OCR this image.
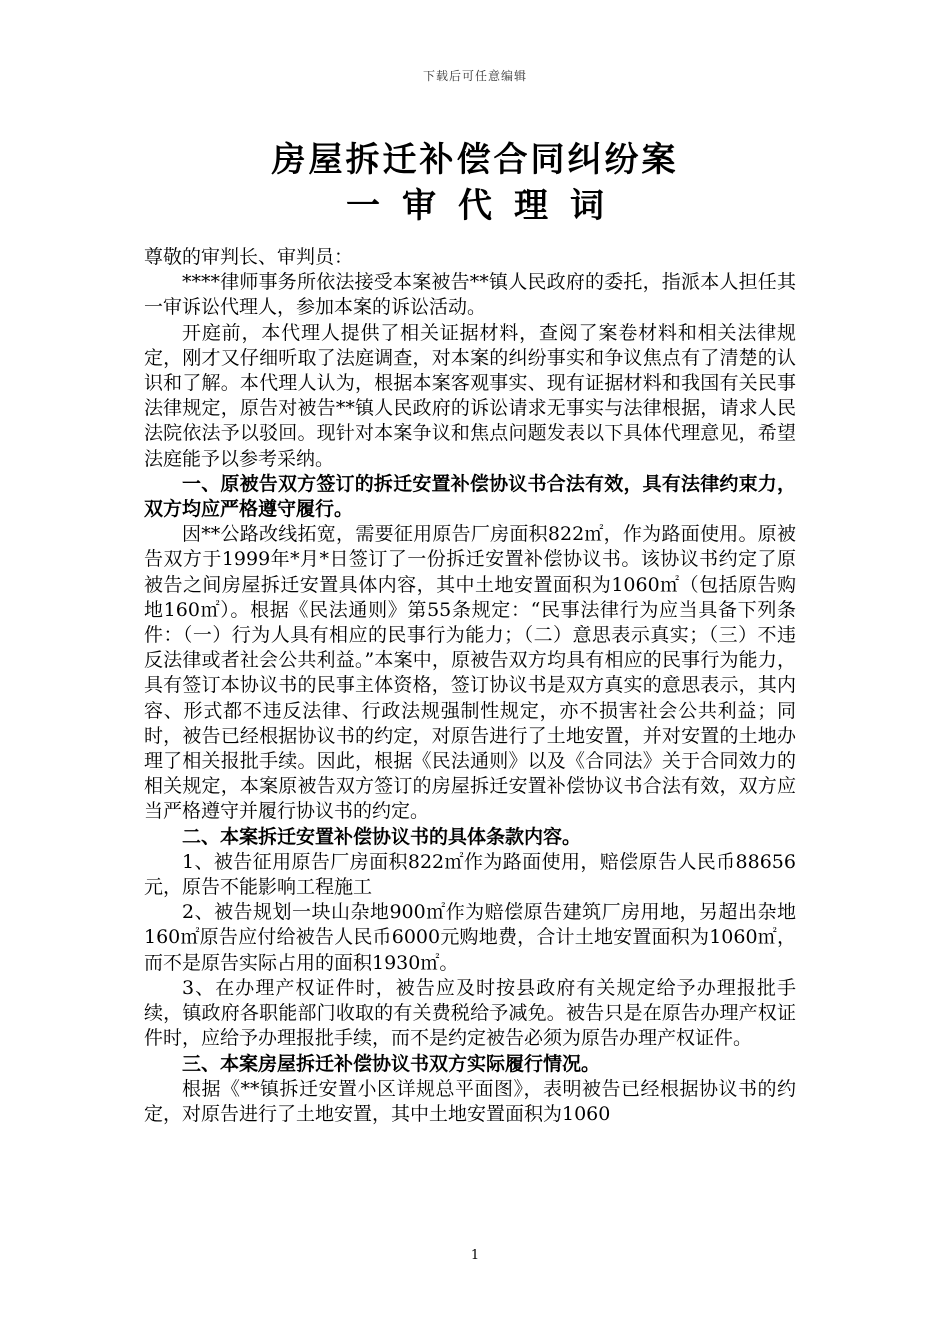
下载后可任意编辑
房屋拆迁补偿合同纠纷案
一审代理词

尊敬的审判长、审判员：

****律师事务所依法接受本案被告**镇人民政府的委托，指派本人担任其一审诉讼代理人，参加本案的诉讼活动。

开庭前，本代理人提供了相关证据材料，查阅了案卷材料和相关法律规定，刚才又仔细听取了法庭调查，对本案的纠纷事实和争议焦点有了清楚的认识和了解。本代理人认为，根据本案客观事实、现有证据材料和我国有关民事法律规定，原告对被告**镇人民政府的诉讼请求无事实与法律根据，请求人民法院依法予以驳回。现针对本案争议和焦点问题发表以下具体代理意见，希望法庭能予以参考采纳。

一、原被告双方签订的拆迁安置补偿协议书合法有效，具有法律约束力，双方均应严格遵守履行。

因**公路改线拓宽，需要征用原告厂房面积822㎡，作为路面使用。原被告双方于1999年*月*日签订了一份拆迁安置补偿协议书。该协议书约定了原被告之间房屋拆迁安置具体内容，其中土地安置面积为1060㎡（包括原告购地160㎡）。根据《民法通则》第55条规定：“民事法律行为应当具备下列条件：（一）行为人具有相应的民事行为能力；（二）意思表示真实；（三）不违反法律或者社会公共利益。”本案中，原被告双方均具有相应的民事行为能力，具有签订本协议书的民事主体资格，签订协议书是双方真实的意思表示，其内容、形式都不违反法律、行政法规强制性规定，亦不损害社会公共利益；同时，被告已经根据协议书的约定，对原告进行了土地安置，并对安置的土地办理了相关报批手续。因此，根据《民法通则》以及《合同法》关于合同效力的相关规定，本案原被告双方签订的房屋拆迁安置补偿协议书合法有效，双方应当严格遵守并履行协议书的约定。

二、本案拆迁安置补偿协议书的具体条款内容。

1、被告征用原告厂房面积822㎡作为路面使用，赔偿原告人民币88656元，原告不能影响工程施工

2、被告规划一块山杂地900㎡作为赔偿原告建筑厂房用地，另超出杂地160㎡原告应付给被告人民币6000元购地费，合计土地安置面积为1060㎡，而不是原告实际占用的面积1930㎡。

3、在办理产权证件时，被告应及时按县政府有关规定给予办理报批手续，镇政府各职能部门收取的有关费税给予减免。被告只是在原告办理产权证件时，应给予办理报批手续，而不是约定被告必须为原告办理产权证件。

三、本案房屋拆迁补偿协议书双方实际履行情况。

根据《**镇拆迁安置小区详规总平面图》，表明被告已经根据协议书的约定，对原告进行了土地安置，其中土地安置面积为1060

1
